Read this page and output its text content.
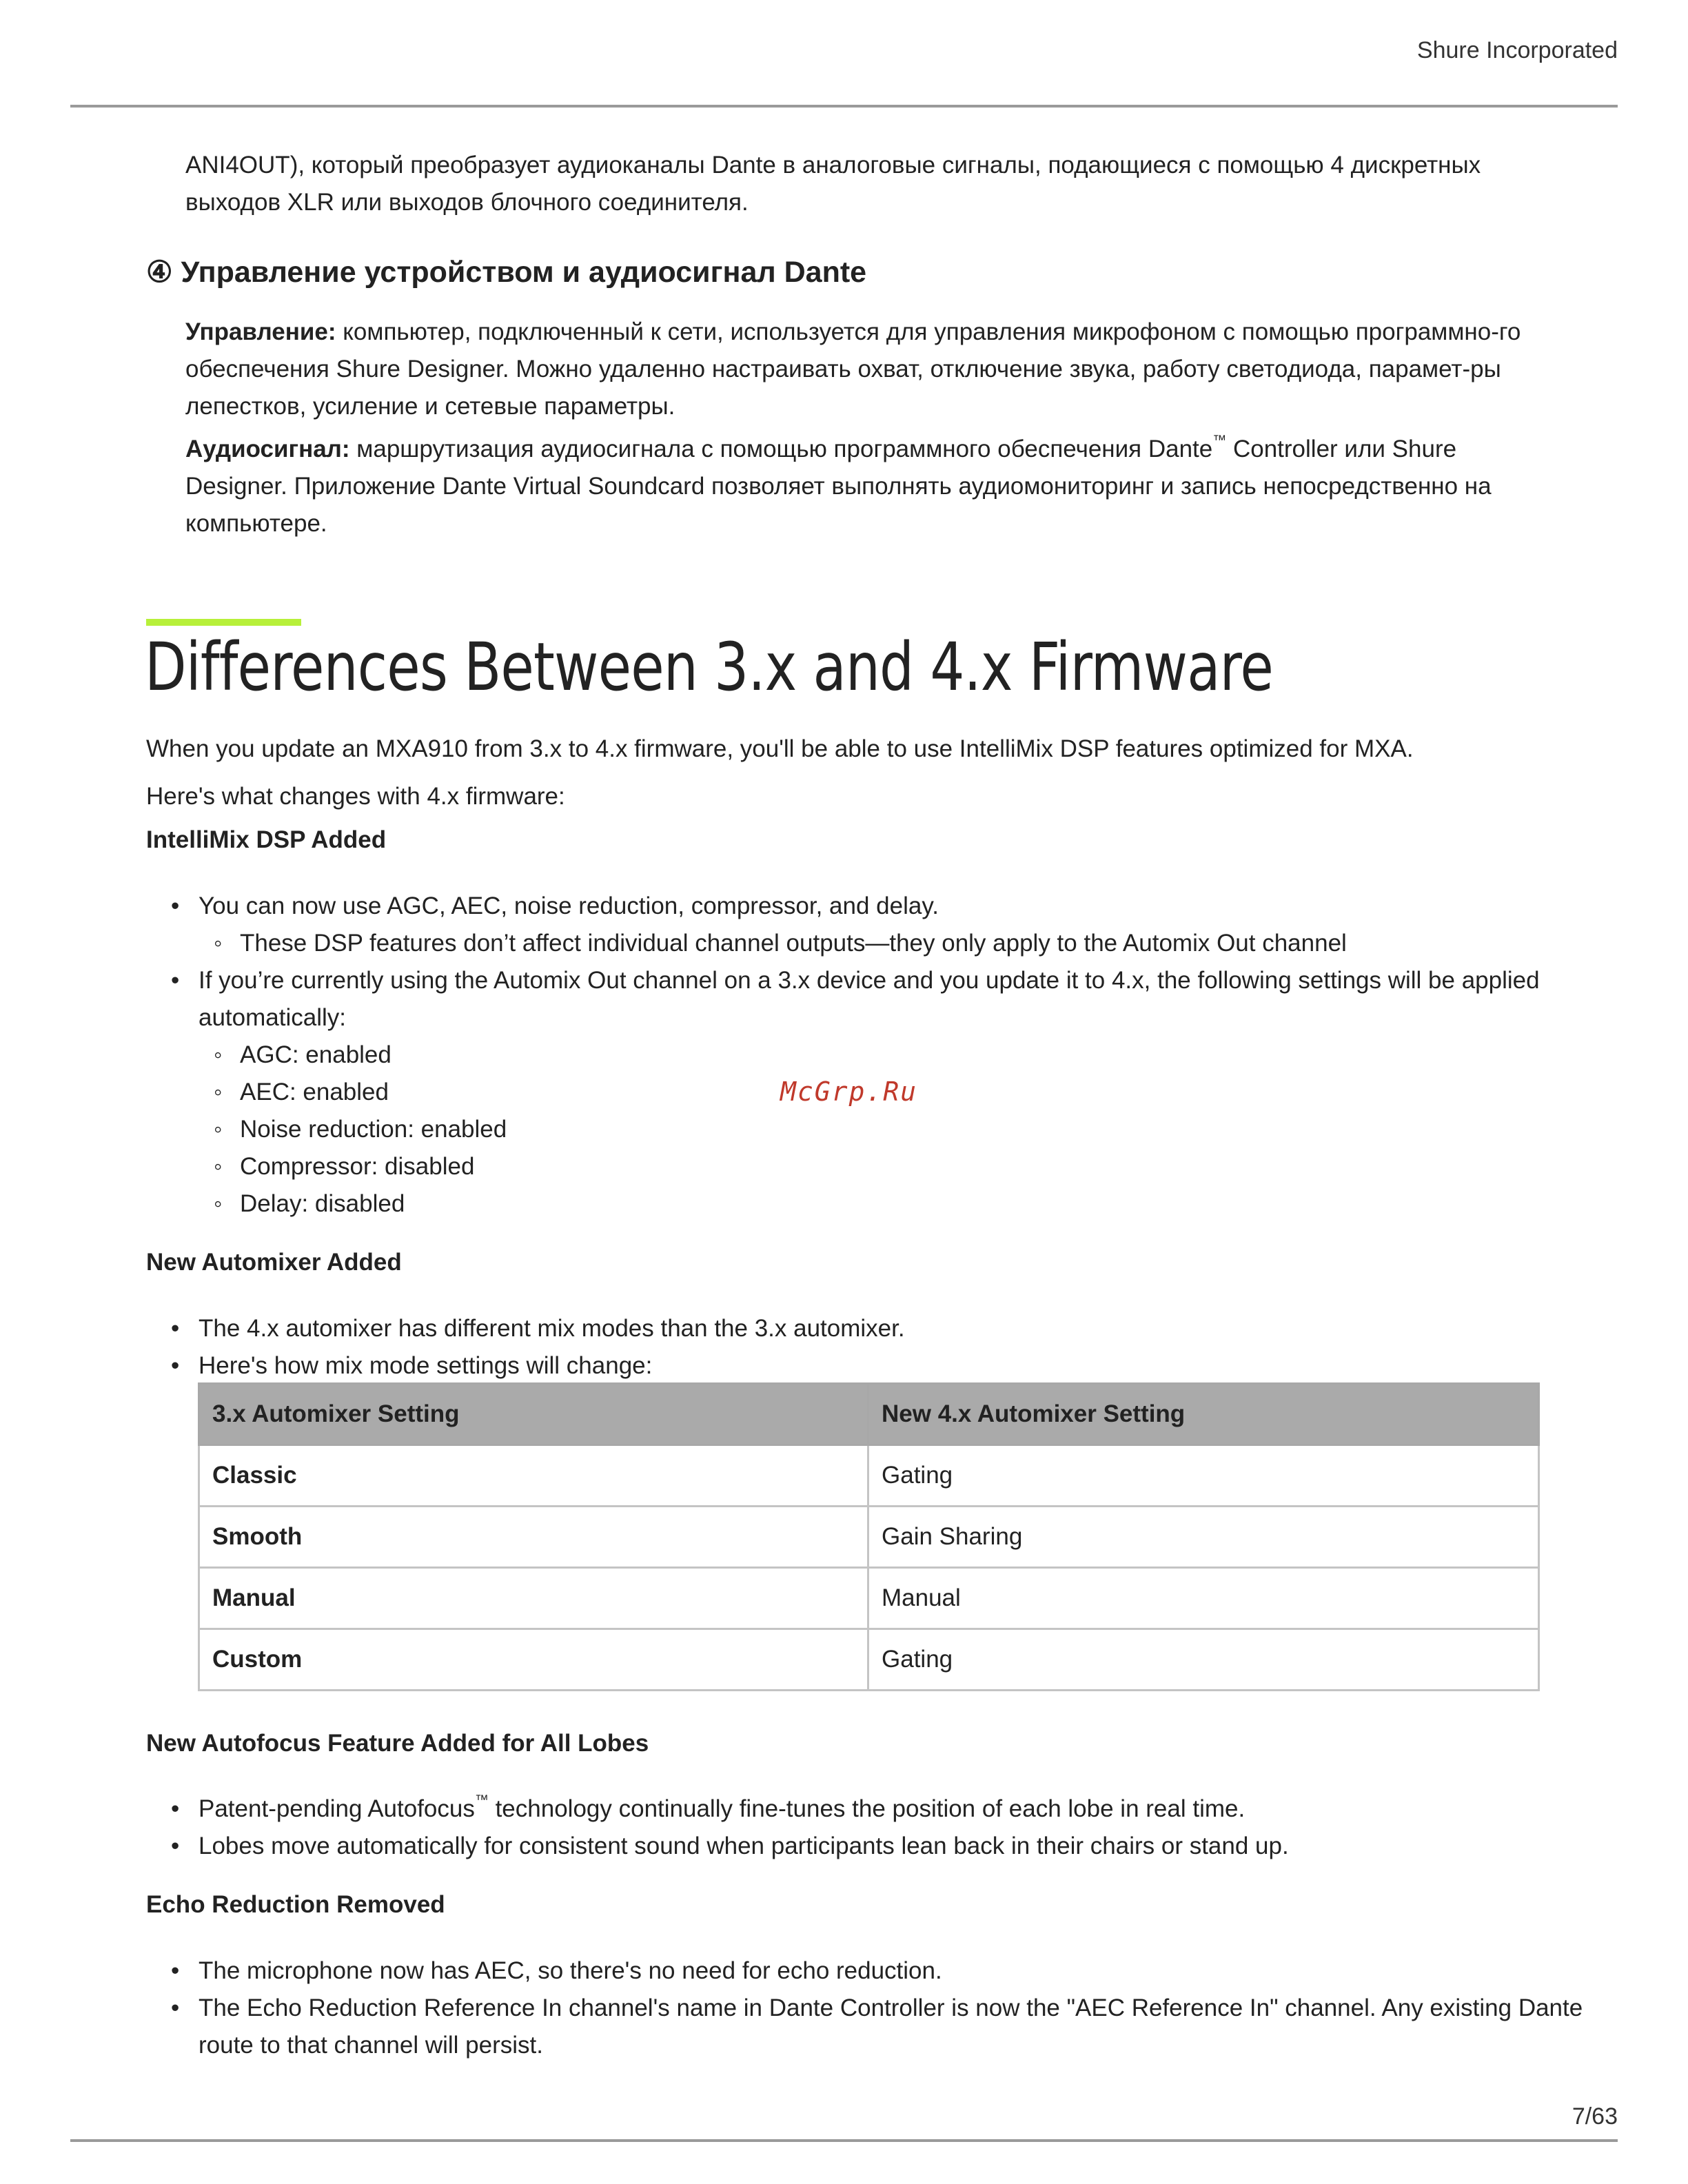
Shure Incorporated

ANI4OUT), который преобразует аудиоканалы Dante в аналоговые сигналы, подающиеся с помощью 4 дискретных выходов XLR или выходов блочного соединителя.

④ Управление устройством и аудиосигнал Dante

Управление: компьютер, подключенный к сети, используется для управления микрофоном с помощью программно-го обеспечения Shure Designer. Можно удаленно настраивать охват, отключение звука, работу светодиода, парамет-ры лепестков, усиление и сетевые параметры.

Аудиосигнал: маршрутизация аудиосигнала с помощью программного обеспечения Dante™ Controller или Shure Designer. Приложение Dante Virtual Soundcard позволяет выполнять аудиомониторинг и запись непосредственно на компьютере.

Differences Between 3.x and 4.x Firmware

When you update an MXA910 from 3.x to 4.x firmware, you'll be able to use IntelliMix DSP features optimized for MXA.

Here's what changes with 4.x firmware:

IntelliMix DSP Added
• You can now use AGC, AEC, noise reduction, compressor, and delay.
◦ These DSP features don’t affect individual channel outputs—they only apply to the Automix Out channel
• If you’re currently using the Automix Out channel on a 3.x device and you update it to 4.x, the following settings will be applied automatically:
◦ AGC: enabled
◦ AEC: enabled
◦ Noise reduction: enabled
◦ Compressor: disabled
◦ Delay: disabled
McGrp.Ru
New Automixer Added
• The 4.x automixer has different mix modes than the 3.x automixer.
• Here's how mix mode settings will change:
3.x Automixer Setting	New 4.x Automixer Setting
Classic	Gating
Smooth	Gain Sharing
Manual	Manual
Custom	Gating
New Autofocus Feature Added for All Lobes
• Patent-pending Autofocus™ technology continually fine-tunes the position of each lobe in real time.
• Lobes move automatically for consistent sound when participants lean back in their chairs or stand up.
Echo Reduction Removed
• The microphone now has AEC, so there's no need for echo reduction.
• The Echo Reduction Reference In channel's name in Dante Controller is now the "AEC Reference In" channel. Any existing Dante route to that channel will persist.
7/63
